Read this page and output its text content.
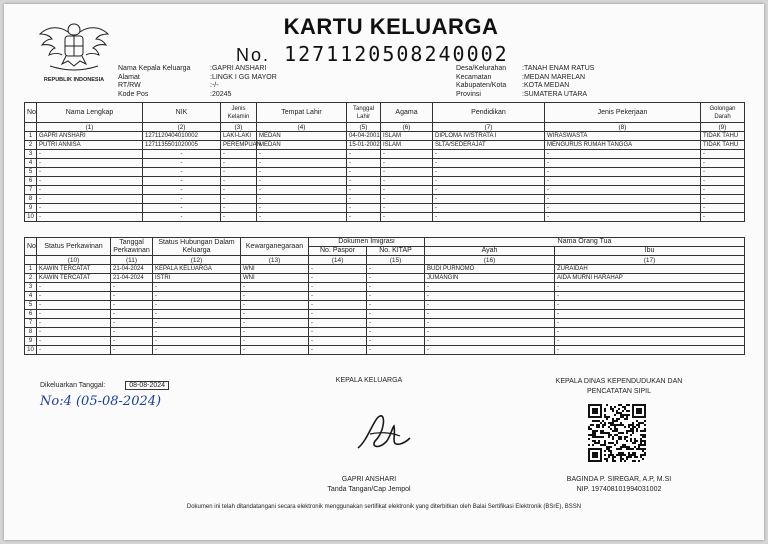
REPUBLIK INDONESIA
KARTU KELUARGA
No. 1271120508240002
Nama Kepala Keluarga	:GAPRI ANSHARI
Alamat	:LINGK I GG MAYOR
RT/RW	:-/-
Kode Pos	:20245
Desa/Kelurahan :TANAH ENAM RATUS
Kecamatan	:MEDAN MARELAN
Kabupaten/Kota :KOTA MEDAN
Provinsi	:SUMATERA UTARA
No	Nama Lengkap	NIK	Jenis Kelamin	Tempat Lahir	Tanggal Lahir	Agama	Pendidikan	Jenis Pekerjaan	Golongan Darah
	(1)	(2)	(3)	(4)	(5)	(6)	(7)	(8)	(9)
1	GAPRI ANSHARI	1271120404010002	LAKI-LAKI	MEDAN	04-04-2001	ISLAM	DIPLOMA IV/STRATA I	WIRASWASTA	TIDAK TAHU
2	PUTRI ANNISA	1271135501020005	PEREMPUAN	MEDAN	15-01-2002	ISLAM	SLTA/SEDERAJAT	MENGURUS RUMAH TANGGA	TIDAK TAHU
3	-	-	-	-	-	-	-	-	-
4	-	-	-	-	-	-	-	-	-
5	-	-	-	-	-	-	-	-	-
6	-	-	-	-	-	-	-	-	-
7	-	-	-	-	-	-	-	-	-
8	-	-	-	-	-	-	-	-	-
9	-	-	-	-	-	-	-	-	-
10	-	-	-	-	-	-	-	-	-
No	Status Perkawinan	Tanggal Perkawinan	Status Hubungan Dalam Keluarga	Kewarganegaraan	Dokumen Imigrasi		Nama Orang Tua	
					No. Paspor	No. KITAP	Ayah	Ibu
	(10)	(11)	(12)	(13)	(14)	(15)	(16)	(17)
1	KAWIN TERCATAT	21-04-2024	KEPALA KELUARGA	WNI	-	-	BUDI PURNOMO	ZURAIDAH
2	KAWIN TERCATAT	21-04-2024	ISTRI	WNI	-	-	JUMANGIN	AIDA MURNI HARAHAP
3	-	-	-	-	-	-	-	-
4	-	-	-	-	-	-	-	-
5	-	-	-	-	-	-	-	-
6	-	-	-	-	-	-	-	-
7	-	-	-	-	-	-	-	-
8	-	-	-	-	-	-	-	-
9	-	-	-	-	-	-	-	-
10	-	-	-	-	-	-	-	-
Dikeluarkan Tanggal:	08-08-2024
No:4 (05-08-2024)
KEPALA KELUARGA
GAPRI ANSHARI
Tanda Tangan/Cap Jempol
KEPALA DINAS KEPENDUDUKAN DAN
PENCATATAN SIPIL
BAGINDA P. SIREGAR, A.P, M.SI
NIP. 197408101994031002
Dokumen ini telah ditandatangani secara elektronik menggunakan sertifikat elektronik yang diterbitkan oleh Balai Sertifikasi Elektronik (BSrE), BSSN
